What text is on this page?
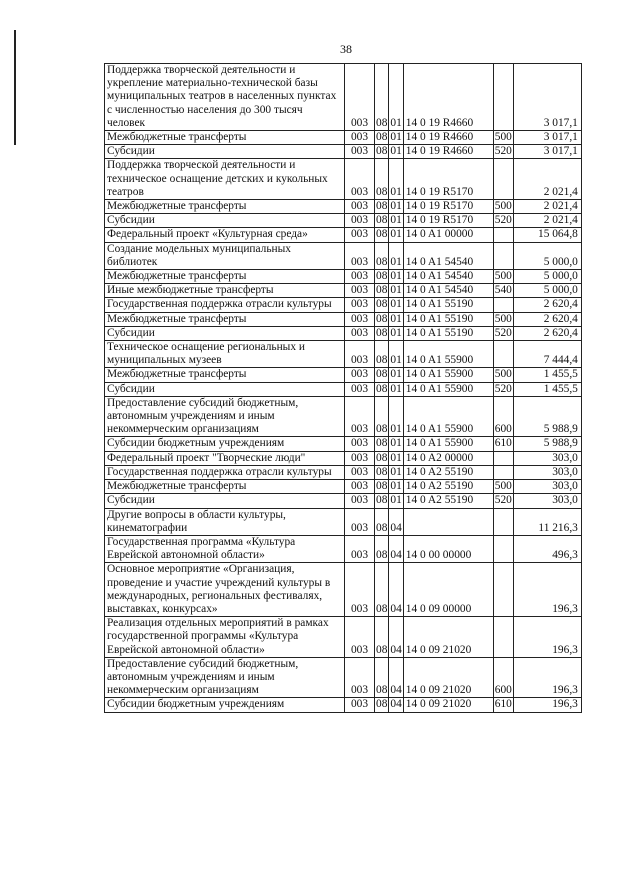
38
Поддержка творческой деятельности и укрепление материально-технической базы муниципальных театров в населенных пунктах с численностью населения до 300 тысяч человек	003	08	01	14 0 19 R4660		3 017,1
Межбюджетные трансферты	003	08	01	14 0 19 R4660	500	3 017,1
Субсидии	003	08	01	14 0 19 R4660	520	3 017,1
Поддержка творческой деятельности и техническое оснащение детских и кукольных театров	003	08	01	14 0 19 R5170		2 021,4
Межбюджетные трансферты	003	08	01	14 0 19 R5170	500	2 021,4
Субсидии	003	08	01	14 0 19 R5170	520	2 021,4
Федеральный проект «Культурная среда»	003	08	01	14 0 A1 00000		15 064,8
Создание модельных муниципальных библиотек	003	08	01	14 0 A1 54540		5 000,0
Межбюджетные трансферты	003	08	01	14 0 A1 54540	500	5 000,0
Иные межбюджетные трансферты	003	08	01	14 0 A1 54540	540	5 000,0
Государственная поддержка отрасли культуры	003	08	01	14 0 A1 55190		2 620,4
Межбюджетные трансферты	003	08	01	14 0 A1 55190	500	2 620,4
Субсидии	003	08	01	14 0 A1 55190	520	2 620,4
Техническое оснащение региональных и муниципальных музеев	003	08	01	14 0 A1 55900		7 444,4
Межбюджетные трансферты	003	08	01	14 0 A1 55900	500	1 455,5
Субсидии	003	08	01	14 0 A1 55900	520	1 455,5
Предоставление субсидий бюджетным, автономным учреждениям и иным некоммерческим организациям	003	08	01	14 0 A1 55900	600	5 988,9
Субсидии бюджетным учреждениям	003	08	01	14 0 A1 55900	610	5 988,9
Федеральный проект "Творческие люди"	003	08	01	14 0 A2 00000		303,0
Государственная поддержка отрасли культуры	003	08	01	14 0 A2 55190		303,0
Межбюджетные трансферты	003	08	01	14 0 A2 55190	500	303,0
Субсидии	003	08	01	14 0 A2 55190	520	303,0
Другие вопросы в области культуры, кинематографии	003	08	04			11 216,3
Государственная программа «Культура Еврейской автономной области»	003	08	04	14 0 00 00000		496,3
Основное мероприятие «Организация, проведение и участие учреждений культуры в международных, региональных фестивалях, выставках, конкурсах»	003	08	04	14 0 09 00000		196,3
Реализация отдельных мероприятий в рамках государственной программы «Культура Еврейской автономной области»	003	08	04	14 0 09 21020		196,3
Предоставление субсидий бюджетным, автономным учреждениям и иным некоммерческим организациям	003	08	04	14 0 09 21020	600	196,3
Субсидии бюджетным учреждениям	003	08	04	14 0 09 21020	610	196,3
